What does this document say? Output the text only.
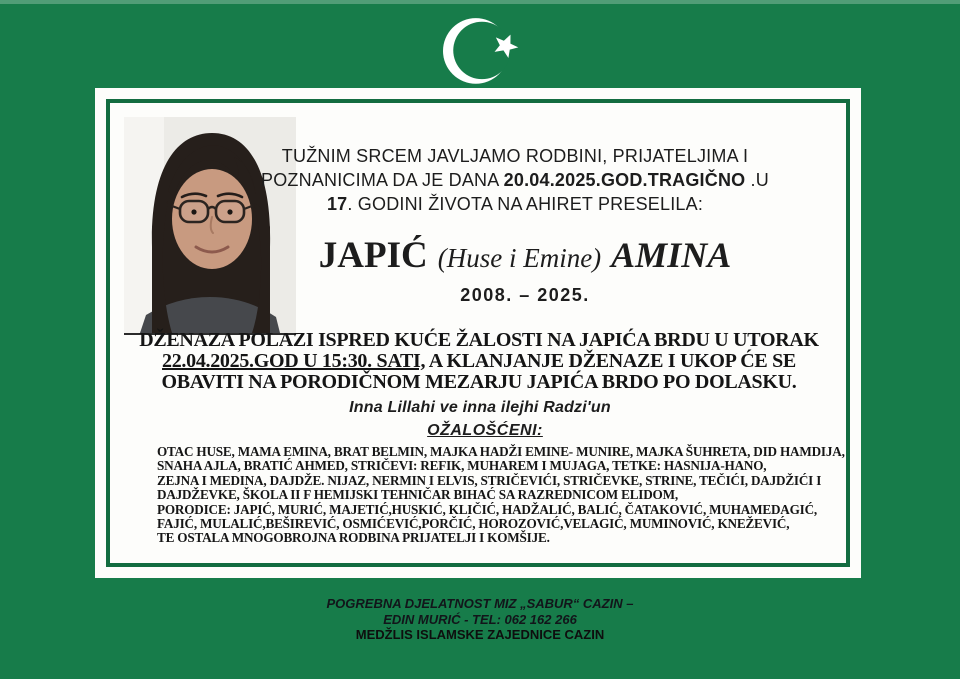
TUŽNIM SRCEM JAVLJAMO RODBINI, PRIJATELJIMA I
POZNANICIMA DA JE DANA 20.04.2025.GOD.TRAGIČNO .U
17. GODINI ŽIVOTA NA AHIRET PRESELILA:
JAPIĆ (Huse i Emine) AMINA
2008. – 2025.
DŽENAZA POLAZI ISPRED KUĆE ŽALOSTI NA JAPIĆA BRDU U UTORAK
22.04.2025.GOD U 15:30. SATI, A KLANJANJE DŽENAZE I UKOP ĆE SE
OBAVITI NA PORODIČNOM MEZARJU JAPIĆA BRDO PO DOLASKU.
Inna Lillahi ve inna ilejhi Radzi'un
OŽALOŠĆENI:
OTAC HUSE, MAMA EMINA, BRAT BELMIN, MAJKA HADŽI EMINE- MUNIRE, MAJKA ŠUHRETA, DID HAMDIJA,
SNAHA AJLA, BRATIĆ AHMED, STRIČEVI: REFIK, MUHAREM I MUJAGA, TETKE: HASNIJA-HANO,
ZEJNA I MEDINA, DAJDŽE. NIJAZ, NERMIN I ELVIS, STRIČEVIĆI, STRIČEVKE, STRINE, TEČIĆI, DAJDŽIĆI I
DAJDŽEVKE, ŠKOLA II F HEMIJSKI TEHNIČAR BIHAĆ SA RAZREDNICOM ELIDOM,
PORODICE: JAPIĆ, MURIĆ, MAJETIĆ,HUSKIĆ, KLIČIĆ, HADŽALIĆ, BALIĆ, ČATAKOVIĆ, MUHAMEDAGIĆ,
FAJIĆ, MULALIĆ,BEŠIREVIĆ, OSMIĆEVIĆ,PORČIĆ, HOROZOVIĆ,VELAGIĆ, MUMINOVIĆ, KNEŽEVIĆ,
TE OSTALA MNOGOBROJNA RODBINA PRIJATELJI I KOMŠIJE.
POGREBNA DJELATNOST MIZ „SABUR“ CAZIN –
EDIN MURIĆ - TEL: 062 162 266
MEDŽLIS ISLAMSKE ZAJEDNICE CAZIN
